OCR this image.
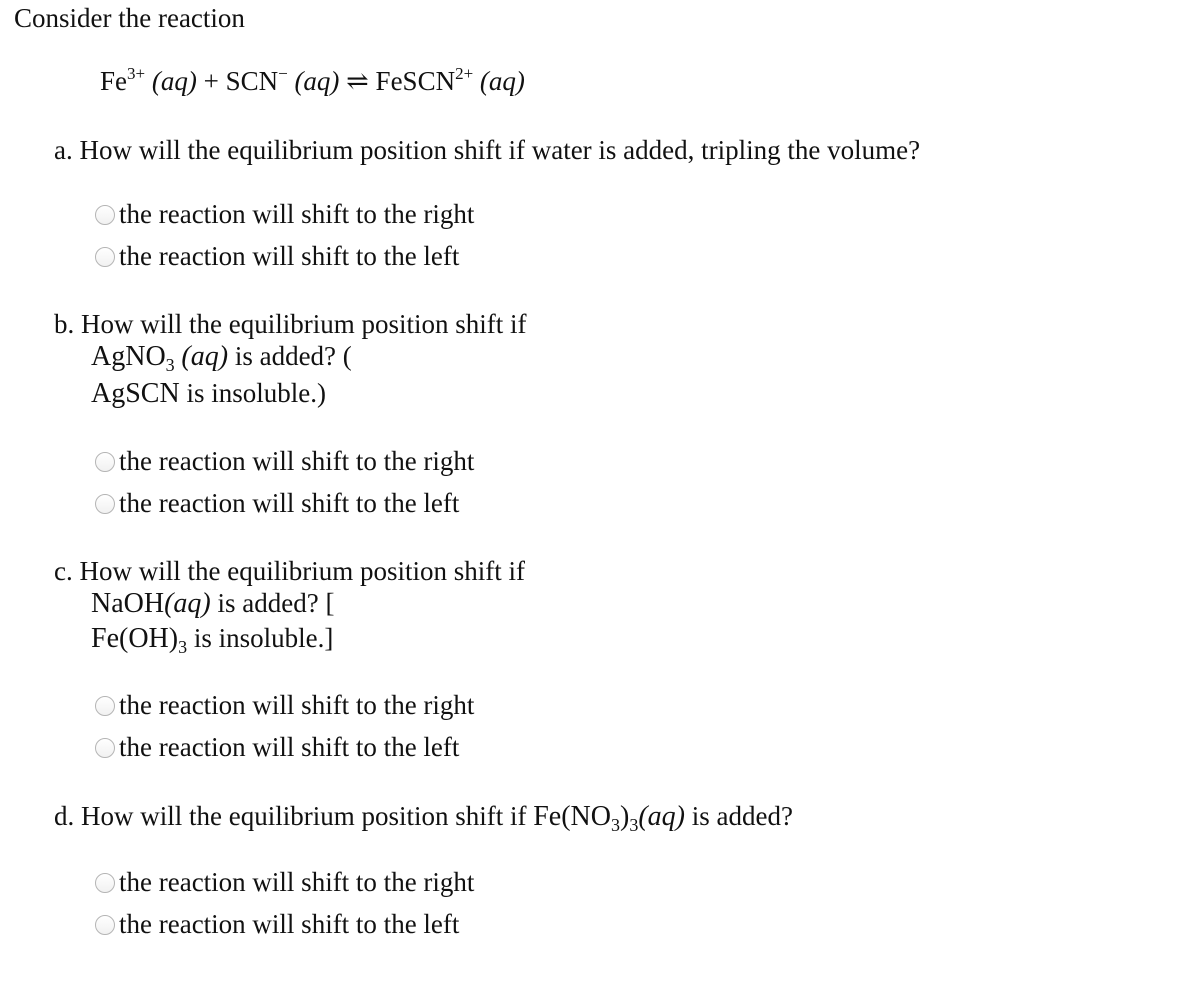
Consider the reaction
$Fe^{3+}$ (aq) + SCN− (aq) ⇌ FeSCN$^{2+}$ (aq)
a. How will the equilibrium position shift if water is added, tripling the volume?
the reaction will shift to the right
the reaction will shift to the left
b. How will the equilibrium position shift if
AgNO$_3$ (aq) is added? (
AgSCN is insoluble.)
the reaction will shift to the right
the reaction will shift to the left
c. How will the equilibrium position shift if
NaOH(aq) is added? [
$Fe(OH)_3$ is insoluble.]
the reaction will shift to the right
the reaction will shift to the left
d. How will the equilibrium position shift if $Fe(NO_3)_3(aq)$ is added?
the reaction will shift to the right
the reaction will shift to the left
